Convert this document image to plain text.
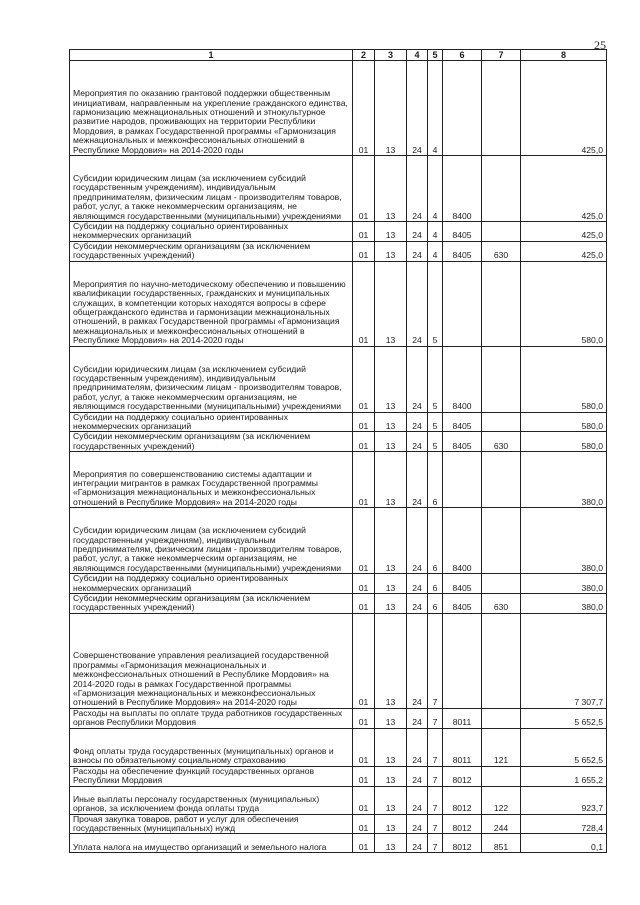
25
1	2	3	4	5	6	7	8
Мероприятия по оказанию грантовой поддержки общественным инициативам, направленным на укрепление гражданского единства, гармонизацию межнациональных отношений и этнокультурное развитие народов, проживающих на территории Республики Мордовия, в рамках Государственной программы «Гармонизация межнациональных и межконфессиональных отношений в Республике Мордовия» на 2014-2020 годы	01	13	24	4			425,0
Субсидии юридическим лицам (за исключением субсидий государственным учреждениям), индивидуальным предпринимателям, физическим лицам - производителям товаров, работ, услуг, а также некоммерческим организациям, не являющимся государственными (муниципальными) учреждениями	01	13	24	4	8400		425,0
Субсидии на поддержку социально ориентированных некоммерческих организаций	01	13	24	4	8405		425,0
Субсидии некоммерческим организациям (за исключением государственных учреждений)	01	13	24	4	8405	630	425,0
Мероприятия по научно-методическому обеспечению и повышению квалификации государственных, гражданских и муниципальных служащих, в компетенции которых находятся вопросы в сфере общегражданского единства и гармонизации межнациональных отношений, в рамках Государственной программы «Гармонизация межнациональных и межконфессиональных отношений в Республике Мордовия» на 2014-2020 годы	01	13	24	5			580,0
Субсидии юридическим лицам (за исключением субсидий государственным учреждениям), индивидуальным предпринимателям, физическим лицам - производителям товаров, работ, услуг, а также некоммерческим организациям, не являющимся государственными (муниципальными) учреждениями	01	13	24	5	8400		580,0
Субсидии на поддержку социально ориентированных некоммерческих организаций	01	13	24	5	8405		580,0
Субсидии некоммерческим организациям (за исключением государственных учреждений)	01	13	24	5	8405	630	580,0
Мероприятия по совершенствованию системы адаптации и интеграции мигрантов в рамках Государственной программы «Гармонизация межнациональных и межконфессиональных отношений в Республике Мордовия» на 2014-2020 годы	01	13	24	6			380,0
Субсидии юридическим лицам (за исключением субсидий государственным учреждениям), индивидуальным предпринимателям, физическим лицам - производителям товаров, работ, услуг, а также некоммерческим организациям, не являющимся государственными (муниципальными) учреждениями	01	13	24	6	8400		380,0
Субсидии на поддержку социально ориентированных некоммерческих организаций	01	13	24	6	8405		380,0
Субсидии некоммерческим организациям (за исключением государственных учреждений)	01	13	24	6	8405	630	380,0
Совершенствование управления реализацией государственной программы «Гармонизация межнациональных и межконфессиональных отношений в Республике Мордовия» на 2014-2020 годы в рамках Государственной программы «Гармонизация межнациональных и межконфессиональных отношений в Республике Мордовия» на 2014-2020 годы	01	13	24	7			7 307,7
Расходы на выплаты по оплате труда работников государственных органов Республики Мордовия	01	13	24	7	8011		5 652,5
Фонд оплаты труда государственных (муниципальных) органов и взносы по обязательному социальному страхованию	01	13	24	7	8011	121	5 652,5
Расходы на обеспечение функций государственных органов Республики Мордовия	01	13	24	7	8012		1 655,2
Иные выплаты персоналу государственных (муниципальных) органов, за исключением фонда оплаты труда	01	13	24	7	8012	122	923,7
Прочая закупка товаров, работ и услуг для обеспечения государственных (муниципальных) нужд	01	13	24	7	8012	244	728,4
Уплата налога на имущество организаций и земельного налога	01	13	24	7	8012	851	0,1
